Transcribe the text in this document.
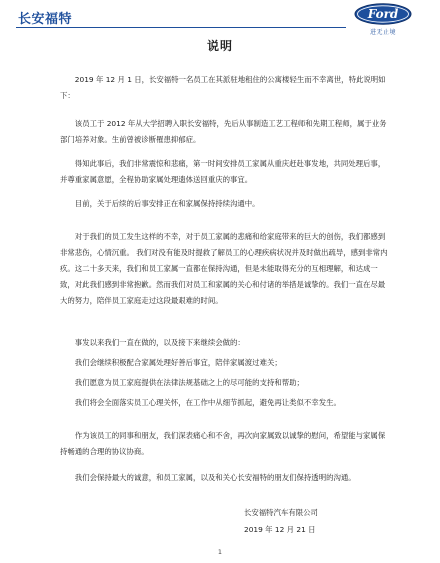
长安福特	Ford
进无止境
说明

2019 年 12 月 1 日，长安福特一名员工在其派驻地租住的公寓楼轻生而不幸离世，特此说明如下：

该员工于 2012 年从大学招聘入职长安福特，先后从事制造工艺工程师和先期工程师，属于业务部门培养对象。生前曾被诊断罹患抑郁症。

得知此事后，我们非常震惊和悲痛，第一时间安排员工家属从重庆赶赴事发地，共同处理后事，并尊重家属意愿，全程协助家属处理遗体送回重庆的事宜。

目前，关于后续的后事安排正在和家属保持持续沟通中。

对于我们的员工发生这样的不幸，对于员工家属的悲痛和给家庭带来的巨大的创伤，我们都感到非常悲伤，心情沉重。 我们对没有能及时提救了解员工的心理疾病状况并及时做出疏导，感到非常内疚。这二十多天来，我们和员工家属一直都在保持沟通，但是未能取得充分的互相理解，和达成一致，对此我们感到非常抱歉。然而我们对员工和家属的关心和付诸的举措是诚挚的。我们一直在尽最大的努力，陪伴员工家庭走过这段最艰难的时间。

事发以来我们一直在做的，以及接下来继续会做的：

我们会继续积极配合家属处理好善后事宜，陪伴家属渡过难关；

我们愿意为员工家庭提供在法律法规基础之上的尽可能的支持和帮助；

我们将会全面落实员工心理关怀，在工作中从细节抓起，避免再让类似不幸发生。

作为该员工的同事和朋友，我们深表痛心和不舍，再次向家属致以诚挚的慰问，希望能与家属保持畅通的合理的协议协商。

我们会保持最大的诚意，和员工家属，以及和关心长安福特的朋友们保持透明的沟通。

长安福特汽车有限公司
2019 年 12 月 21 日
1
